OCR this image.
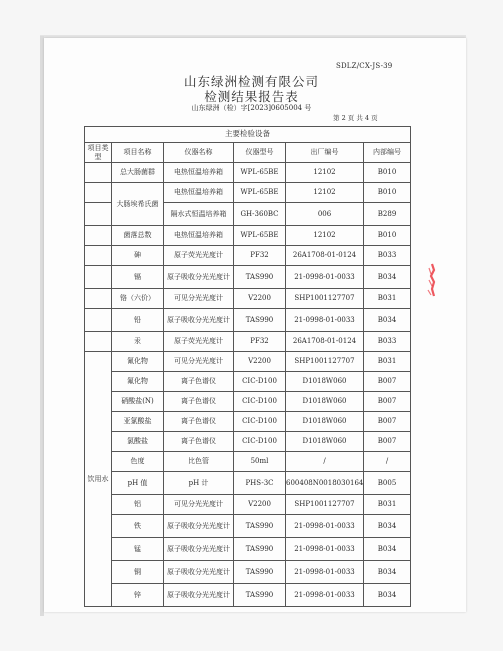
SDLZ/CX-JS-39
山东绿洲检测有限公司
检测结果报告表
山东绿洲（检）字[2023]0605004 号
第 2 页 共 4 页
主要检验设备					
项目类型	项目名称	仪器名称	仪器型号	出厂编号	内部编号
	总大肠菌群	电热恒温培养箱	WPL-65BE	12102	B010
	大肠埃希氏菌	电热恒温培养箱	WPL-65BE	12102	B010
		隔水式恒温培养箱	GH-360BC	006	B289
	菌落总数	电热恒温培养箱	WPL-65BE	12102	B010
	砷	原子荧光光度计	PF32	26A1708-01-0124	B033
	镉	原子吸收分光光度计	TAS990	21-0998-01-0033	B034
	铬（六价）	可见分光光度计	V2200	SHP1001127707	B031
	铅	原子吸收分光光度计	TAS990	21-0998-01-0033	B034
	汞	原子荧光光度计	PF32	26A1708-01-0124	B033
饮用水	氰化物	可见分光光度计	V2200	SHP1001127707	B031
	氟化物	离子色谱仪	CIC-D100	D1018W060	B007
	硝酸盐(N)	离子色谱仪	CIC-D100	D1018W060	B007
	亚氯酸盐	离子色谱仪	CIC-D100	D1018W060	B007
	氯酸盐	离子色谱仪	CIC-D100	D1018W060	B007
	色度	比色管	50ml	/	/
	pH 值	pH 计	PHS-3C	600408N0018030164	B005
	铝	可见分光光度计	V2200	SHP1001127707	B031
	铁	原子吸收分光光度计	TAS990	21-0998-01-0033	B034
	锰	原子吸收分光光度计	TAS990	21-0998-01-0033	B034
	铜	原子吸收分光光度计	TAS990	21-0998-01-0033	B034
	锌	原子吸收分光光度计	TAS990	21-0998-01-0033	B034
